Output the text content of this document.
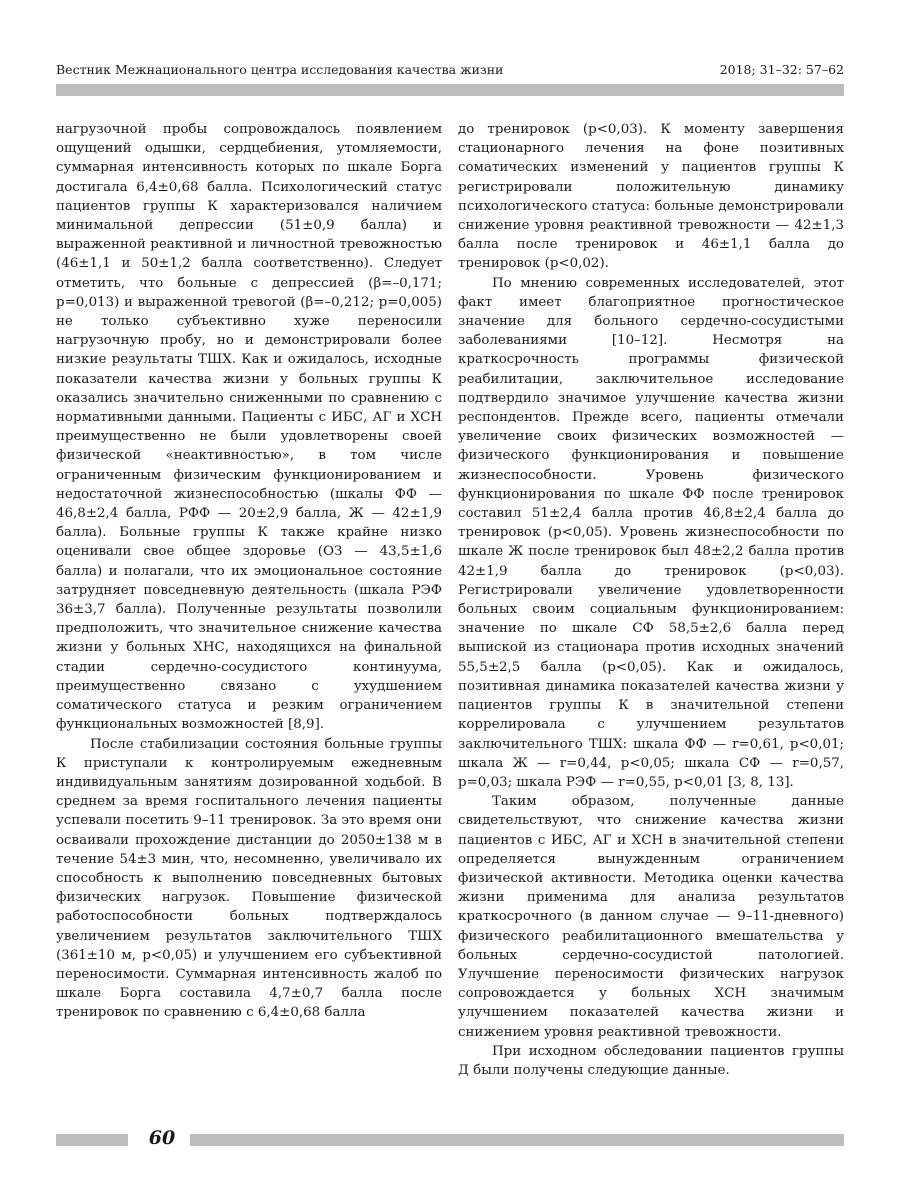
Вестник Межнационального центра исследования качества жизни	2018; 31–32: 57–62

нагрузочной пробы сопровождалось появлением ощущений одышки, сердцебиения, утомляемости, суммарная интенсивность которых по шкале Борга достигала 6,4±0,68 балла. Психологический статус пациентов группы К характеризовался наличием минимальной депрессии (51±0,9 балла) и выраженной реактивной и личностной тревожностью (46±1,1 и 50±1,2 балла соответственно). Следует отметить, что больные с депрессией (β=–0,171; p=0,013) и выраженной тревогой (β=–0,212; p=0,005) не только субъективно хуже переносили нагрузочную пробу, но и демонстрировали более низкие результаты ТШХ. Как и ожидалось, исходные показатели качества жизни у больных группы К оказались значительно сниженными по сравнению с нормативными данными. Пациенты с ИБС, АГ и ХСН преимущественно не были удовлетворены своей физической «неактивностью», в том числе ограниченным физическим функционированием и недостаточной жизнеспособностью (шкалы ФФ — 46,8±2,4 балла, РФФ — 20±2,9 балла, Ж — 42±1,9 балла). Больные группы К также крайне низко оценивали свое общее здоровье (ОЗ — 43,5±1,6 балла) и полагали, что их эмоциональное состояние затрудняет повседневную деятельность (шкала РЭФ 36±3,7 балла). Полученные результаты позволили предположить, что значительное снижение качества жизни у больных ХНС, находящихся на финальной стадии сердечно-сосудистого континуума, преимущественно связано с ухудшением соматического статуса и резким ограничением функциональных возможностей [8,9].

После стабилизации состояния больные группы К приступали к контролируемым ежедневным индивидуальным занятиям дозированной ходьбой. В среднем за время госпитального лечения пациенты успевали посетить 9–11 тренировок. За это время они осваивали прохождение дистанции до 2050±138 м в течение 54±3 мин, что, несомненно, увеличивало их способность к выполнению повседневных бытовых физических нагрузок. Повышение физической работоспособности больных подтверждалось увеличением результатов заключительного ТШХ (361±10 м, p<0,05) и улучшением его субъективной переносимости. Суммарная интенсивность жалоб по шкале Борга составила 4,7±0,7 балла после тренировок по сравнению с 6,4±0,68 балла

до тренировок (p<0,03). К моменту завершения стационарного лечения на фоне позитивных соматических изменений у пациентов группы К регистрировали положительную динамику психологического статуса: больные демонстрировали снижение уровня реактивной тревожности — 42±1,3 балла после тренировок и 46±1,1 балла до тренировок (p<0,02).

По мнению современных исследователей, этот факт имеет благоприятное прогностическое значение для больного сердечно-сосудистыми заболеваниями [10–12]. Несмотря на краткосрочность программы физической реабилитации, заключительное исследование подтвердило значимое улучшение качества жизни респондентов. Прежде всего, пациенты отмечали увеличение своих физических возможностей — физического функционирования и повышение жизнеспособности. Уровень физического функционирования по шкале ФФ после тренировок составил 51±2,4 балла против 46,8±2,4 балла до тренировок (p<0,05). Уровень жизнеспособности по шкале Ж после тренировок был 48±2,2 балла против 42±1,9 балла до тренировок (p<0,03). Регистрировали увеличение удовлетворенности больных своим социальным функционированием: значение по шкале СФ 58,5±2,6 балла перед выпиской из стационара против исходных значений 55,5±2,5 балла (p<0,05). Как и ожидалось, позитивная динамика показателей качества жизни у пациентов группы К в значительной степени коррелировала с улучшением результатов заключительного ТШХ: шкала ФФ — r=0,61, p<0,01; шкала Ж — r=0,44, p<0,05; шкала СФ — r=0,57, p=0,03; шкала РЭФ — r=0,55, p<0,01 [3, 8, 13].

Таким образом, полученные данные свидетельствуют, что снижение качества жизни пациентов с ИБС, АГ и ХСН в значительной степени определяется вынужденным ограничением физической активности. Методика оценки качества жизни применима для анализа результатов краткосрочного (в данном случае — 9–11-дневного) физического реабилитационного вмешательства у больных сердечно-сосудистой патологией. Улучшение переносимости физических нагрузок сопровождается у больных ХСН значимым улучшением показателей качества жизни и снижением уровня реактивной тревожности.

При исходном обследовании пациентов группы Д были получены следующие данные.

60
